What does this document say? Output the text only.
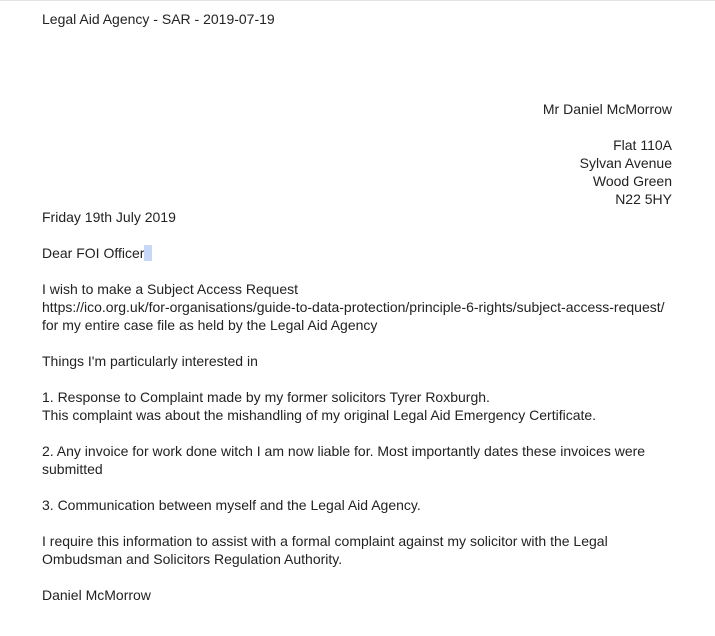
Legal Aid Agency - SAR - 2019-07-19
Mr Daniel McMorrow
Flat 110A
Sylvan Avenue
Wood Green
N22 5HY

Friday 19th July 2019

Dear FOI Officer

I wish to make a Subject Access Request

https://ico.org.uk/for-organisations/guide-to-data-protection/principle-6-rights/subject-access-request/ for my entire case file as held by the Legal Aid Agency

Things I'm particularly interested in

1. Response to Complaint made by my former solicitors Tyrer Roxburgh.

This complaint was about the mishandling of my original Legal Aid Emergency Certificate.

2. Any invoice for work done witch I am now liable for. Most importantly dates these invoices were submitted

3. Communication between myself and the Legal Aid Agency.

I require this information to assist with a formal complaint against my solicitor with the Legal Ombudsman and Solicitors Regulation Authority.

Daniel McMorrow
